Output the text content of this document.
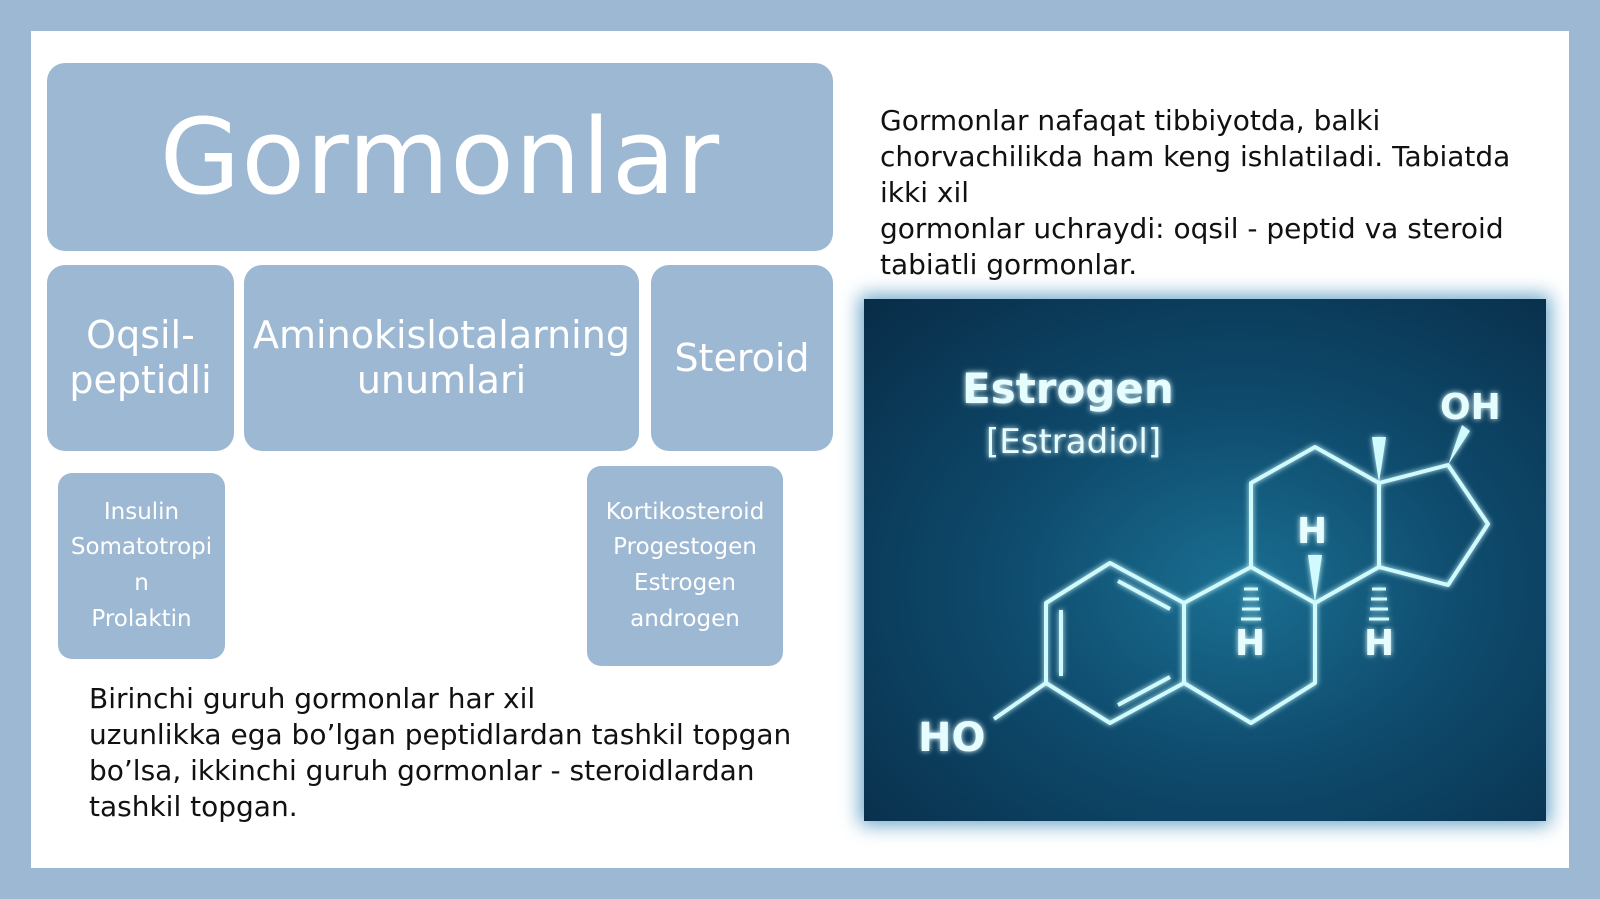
Gormonlar
Oqsil-peptidli
Aminokislotalarning unumlari
Steroid
Insulin
Somatotropin
Prolaktin
Kortikosteroid
Progestogen
Estrogen
androgen
Gormonlar nafaqat tibbiyotda, balki
chorvachilikda ham keng ishlatiladi. Tabiatda
ikki xil
gormonlar uchraydi: oqsil - peptid va steroid
tabiatli gormonlar.
Birinchi guruh gormonlar har xil
uzunlikka ega bo’lgan peptidlardan tashkil topgan
bo’lsa, ikkinchi guruh gormonlar - steroidlardan
tashkil topgan.
Estrogen
[Estradiol]
OH
HO
H
H	H
